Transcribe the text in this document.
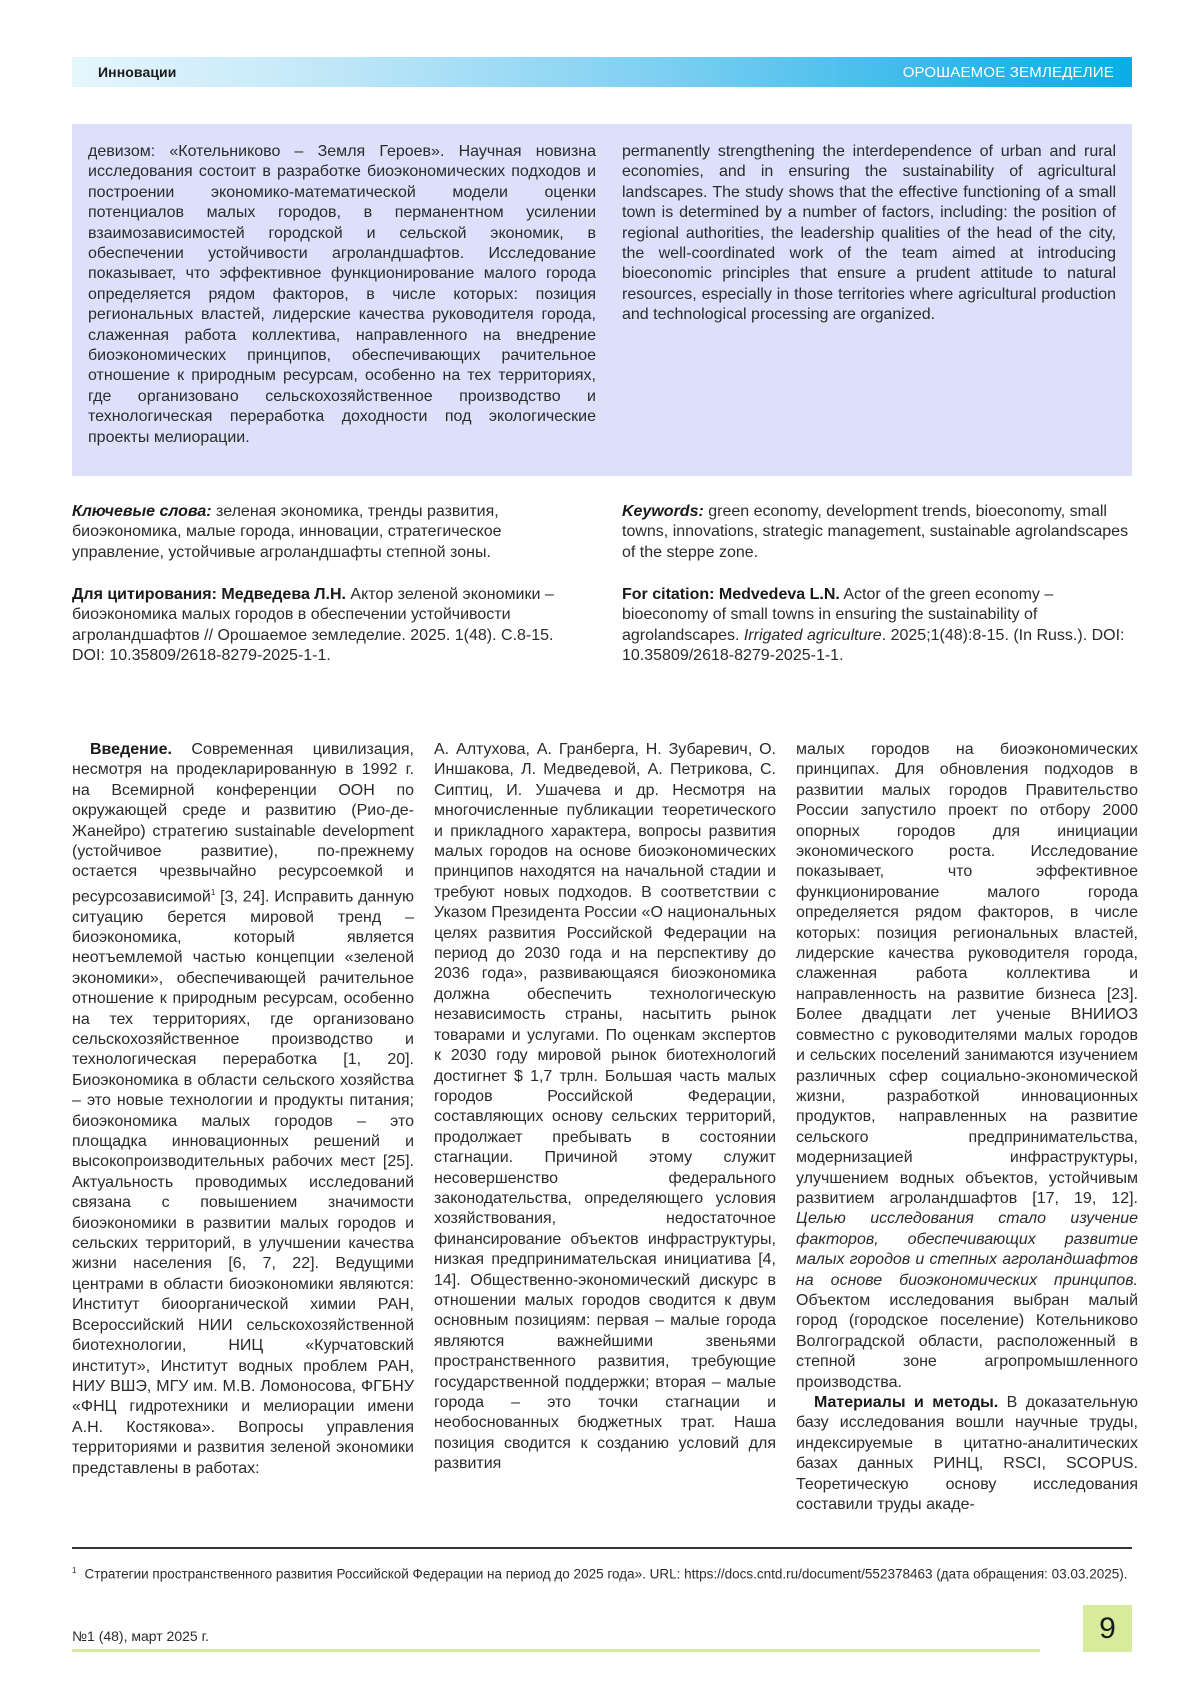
Инновации	ОРОШАЕМОЕ ЗЕМЛЕДЕЛИЕ
девизом: «Котельниково – Земля Героев». Научная новизна исследования состоит в разработке биоэкономических подходов и построении экономико-математической модели оценки потенциалов малых городов, в перманентном усилении взаимозависимостей городской и сельской экономик, в обеспечении устойчивости агроландшафтов. Исследование показывает, что эффективное функционирование малого города определяется рядом факторов, в числе которых: позиция региональных властей, лидерские качества руководителя города, слаженная работа коллектива, направленного на внедрение биоэкономических принципов, обеспечивающих рачительное отношение к природным ресурсам, особенно на тех территориях, где организовано сельскохозяйственное производство и технологическая переработка доходности под экологические проекты мелиорации.
permanently strengthening the interdependence of urban and rural economies, and in ensuring the sustainability of agricultural landscapes. The study shows that the effective functioning of a small town is determined by a number of factors, including: the position of regional authorities, the leadership qualities of the head of the city, the well-coordinated work of the team aimed at introducing bioeconomic principles that ensure a prudent attitude to natural resources, especially in those territories where agricultural production and technological processing are organized.
Ключевые слова: зеленая экономика, тренды развития, биоэкономика, малые города, инновации, стратегическое управление, устойчивые агроландшафты степной зоны.
Keywords: green economy, development trends, bioeconomy, small towns, innovations, strategic management, sustainable agrolandscapes of the steppe zone.
Для цитирования: Медведева Л.Н. Актор зеленой экономики – биоэкономика малых городов в обеспечении устойчивости агроландшафтов // Орошаемое земледелие. 2025. 1(48). С.8-15. DOI: 10.35809/2618-8279-2025-1-1.
For citation: Medvedeva L.N. Actor of the green economy – bioeconomy of small towns in ensuring the sustainability of agrolandscapes. Irrigated agriculture. 2025;1(48):8-15. (In Russ.). DOI: 10.35809/2618-8279-2025-1-1.

Введение. Современная цивилизация, несмотря на продекларированную в 1992 г. на Всемирной конференции ООН по окружающей среде и развитию (Рио-де-Жанейро) стратегию sustainable development (устойчивое развитие), по-прежнему остается чрезвычайно ресурсоемкой и ресурсозависимой$^1$ [3, 24]. Исправить данную ситуацию берется мировой тренд – биоэкономика, который является неотъемлемой частью концепции «зеленой экономики», обеспечивающей рачительное отношение к природным ресурсам, особенно на тех территориях, где организовано сельскохозяйственное производство и технологическая переработка [1, 20]. Биоэкономика в области сельского хозяйства – это новые технологии и продукты питания; биоэкономика малых городов – это площадка инновационных решений и высокопроизводительных рабочих мест [25]. Актуальность проводимых исследований связана с повышением значимости биоэкономики в развитии малых городов и сельских территорий, в улучшении качества жизни населения [6, 7, 22]. Ведущими центрами в области биоэкономики являются: Институт биоорганической химии РАН, Всероссийский НИИ сельскохозяйственной биотехнологии, НИЦ «Курчатовский институт», Институт водных проблем РАН, НИУ ВШЭ, МГУ им. М.В. Ломоносова, ФГБНУ «ФНЦ гидротехники и мелиорации имени А.Н. Костякова». Вопросы управления территориями и развития зеленой экономики представлены в работах:

А. Алтухова, А. Гранберга, Н. Зубаревич, О. Иншакова, Л. Медведевой, А. Петрикова, С. Сиптиц, И. Ушачева и др. Несмотря на многочисленные публикации теоретического и прикладного характера, вопросы развития малых городов на основе биоэкономических принципов находятся на начальной стадии и требуют новых подходов. В соответствии с Указом Президента России «О национальных целях развития Российской Федерации на период до 2030 года и на перспективу до 2036 года», развивающаяся биоэкономика должна обеспечить технологическую независимость страны, насытить рынок товарами и услугами. По оценкам экспертов к 2030 году мировой рынок биотехнологий достигнет $ 1,7 трлн. Большая часть малых городов Российской Федерации, составляющих основу сельских территорий, продолжает пребывать в состоянии стагнации. Причиной этому служит несовершенство федерального законодательства, определяющего условия хозяйствования, недостаточное финансирование объектов инфраструктуры, низкая предпринимательская инициатива [4, 14]. Общественно-экономический дискурс в отношении малых городов сводится к двум основным позициям: первая – малые города являются важнейшими звеньями пространственного развития, требующие государственной поддержки; вторая – малые города – это точки стагнации и необоснованных бюджетных трат. Наша позиция сводится к созданию условий для развития

малых городов на биоэкономических принципах. Для обновления подходов в развитии малых городов Правительство России запустило проект по отбору 2000 опорных городов для инициации экономического роста. Исследование показывает, что эффективное функционирование малого города определяется рядом факторов, в числе которых: позиция региональных властей, лидерские качества руководителя города, слаженная работа коллектива и направленность на развитие бизнеса [23]. Более двадцати лет ученые ВНИИОЗ совместно с руководителями малых городов и сельских поселений занимаются изучением различных сфер социально-экономической жизни, разработкой инновационных продуктов, направленных на развитие сельского предпринимательства, модернизацией инфраструктуры, улучшением водных объектов, устойчивым развитием агроландшафтов [17, 19, 12]. Целью исследования стало изучение факторов, обеспечивающих развитие малых городов и степных агроландшафтов на основе биоэкономических принципов. Объектом исследования выбран малый город (городское поселение) Котельниково Волгоградской области, расположенный в степной зоне агропромышленного производства.

Материалы и методы. В доказательную базу исследования вошли научные труды, индексируемые в цитатно-аналитических базах данных РИНЦ, RSCI, SCOPUS. Теоретическую основу исследования составили труды акаде-

$^1$ Стратегии пространственного развития Российской Федерации на период до 2025 года». URL: https://docs.cntd.ru/document/552378463 (дата обращения: 03.03.2025).
№1 (48), март 2025 г.	9
